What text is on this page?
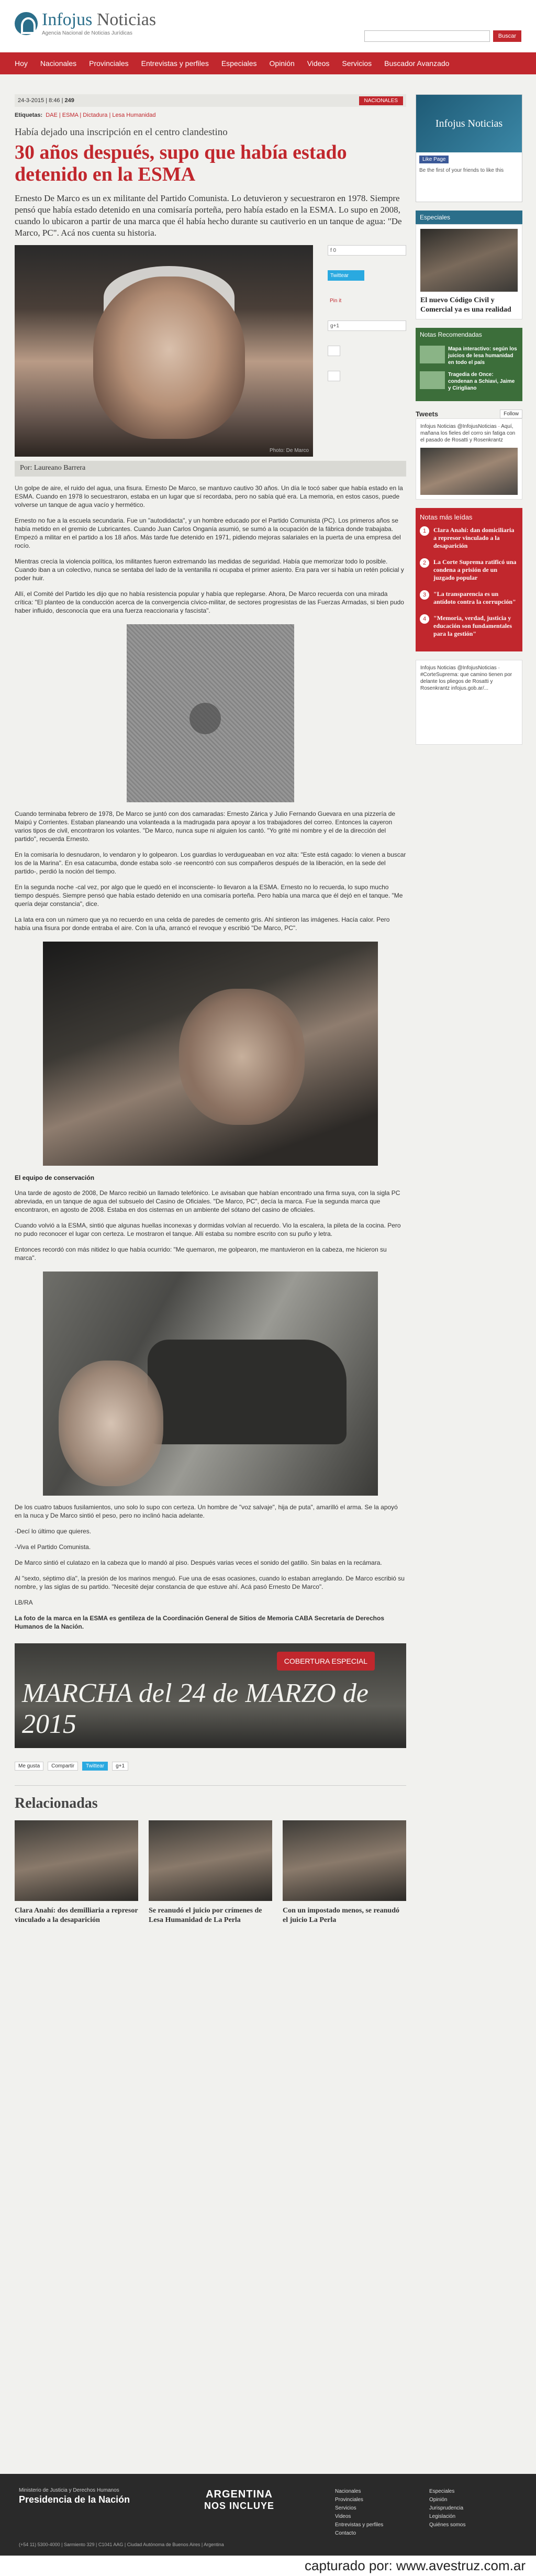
Infojus Noticias
Agencia Nacional de Noticias Jurídicas	Buscar
Hoy Nacionales Provinciales Entrevistas y perfiles Especiales Opinión Videos Servicios Buscador Avanzado
24-3-2015 | 8:46 | 249	NACIONALES
Etiquetas: DAE | ESMA | Dictadura | Lesa Humanidad
Había dejado una inscripción en el centro clandestino
30 años después, supo que había estado detenido en la ESMA

Ernesto De Marco es un ex militante del Partido Comunista. Lo detuvieron y secuestraron en 1978. Siempre pensó que había estado detenido en una comisaría porteña, pero había estado en la ESMA. Lo supo en 2008, cuando lo ubicaron a partir de una marca que él había hecho durante su cautiverio en un tanque de agua: "De Marco, PC". Acá nos cuenta su historia.

Photo: De Marco
f 0
Twittear
Pin it
g+1
Por: Laureano Barrera

Un golpe de aire, el ruido del agua, una fisura. Ernesto De Marco, se mantuvo cautivo 30 años. Un día le tocó saber que había estado en la ESMA. Cuando en 1978 lo secuestraron, estaba en un lugar que sí recordaba, pero no sabía qué era. La memoria, en estos casos, puede volverse un tanque de agua vacío y hermético.

Ernesto no fue a la escuela secundaria. Fue un "autodidacta", y un hombre educado por el Partido Comunista (PC). Los primeros años se había metido en el gremio de Lubricantes. Cuando Juan Carlos Onganía asumió, se sumó a la ocupación de la fábrica donde trabajaba. Empezó a militar en el partido a los 18 años. Más tarde fue detenido en 1971, pidiendo mejoras salariales en la puerta de una empresa del rocío.

Mientras crecía la violencia política, los militantes fueron extremando las medidas de seguridad. Había que memorizar todo lo posible. Cuando iban a un colectivo, nunca se sentaba del lado de la ventanilla ni ocupaba el primer asiento. Era para ver si había un retén policial y poder huir.

Allí, el Comité del Partido les dijo que no había resistencia popular y había que replegarse. Ahora, De Marco recuerda con una mirada crítica: "El planteo de la conducción acerca de la convergencia cívico-militar, de sectores progresistas de las Fuerzas Armadas, si bien pudo haber influido, desconocía que era una fuerza reaccionaria y fascista".

Cuando terminaba febrero de 1978, De Marco se juntó con dos camaradas: Ernesto Zárica y Julio Fernando Guevara en una pizzería de Maipú y Corrientes. Estaban planeando una volanteada a la madrugada para apoyar a los trabajadores del correo. Entonces la cayeron varios tipos de civil, encontraron los volantes. "De Marco, nunca supe ni alguien los cantó. "Yo grité mi nombre y el de la dirección del partido", recuerda Ernesto.

En la comisaría lo desnudaron, lo vendaron y lo golpearon. Los guardias lo verdugueaban en voz alta: "Este está cagado: lo vienen a buscar los de la Marina". En esa catacumba, donde estaba solo -se reencontró con sus compañeros después de la liberación, en la sede del partido-, perdió la noción del tiempo.

En la segunda noche -cal vez, por algo que le quedó en el inconsciente- lo llevaron a la ESMA. Ernesto no lo recuerda, lo supo mucho tiempo después. Siempre pensó que había estado detenido en una comisaría porteña. Pero había una marca que él dejó en el tanque. "Me quería dejar constancia", dice.

La lata era con un número que ya no recuerdo en una celda de paredes de cemento gris. Ahí sintieron las imágenes. Hacía calor. Pero había una fisura por donde entraba el aire. Con la uña, arrancó el revoque y escribió "De Marco, PC".

El equipo de conservación

Una tarde de agosto de 2008, De Marco recibió un llamado telefónico. Le avisaban que habían encontrado una firma suya, con la sigla PC abreviada, en un tanque de agua del subsuelo del Casino de Oficiales. "De Marco, PC", decía la marca. Fue la segunda marca que encontraron, en agosto de 2008. Estaba en dos cisternas en un ambiente del sótano del casino de oficiales.

Cuando volvió a la ESMA, sintió que algunas huellas inconexas y dormidas volvían al recuerdo. Vio la escalera, la pileta de la cocina. Pero no pudo reconocer el lugar con certeza. Le mostraron el tanque. Allí estaba su nombre escrito con su puño y letra.

Entonces recordó con más nitidez lo que había ocurrido: "Me quemaron, me golpearon, me mantuvieron en la cabeza, me hicieron su marca".

De los cuatro tabuos fusilamientos, uno solo lo supo con certeza. Un hombre de "voz salvaje", hija de puta", amarilló el arma. Se la apoyó en la nuca y De Marco sintió el peso, pero no inclinó hacia adelante.

-Decí lo último que quieres.

-Viva el Partido Comunista.

De Marco sintió el culatazo en la cabeza que lo mandó al piso. Después varias veces el sonido del gatillo. Sin balas en la recámara.

Al "sexto, séptimo día", la presión de los marinos menguó. Fue una de esas ocasiones, cuando lo estaban arreglando. De Marco escribió su nombre, y las siglas de su partido. "Necesité dejar constancia de que estuve ahí. Acá pasó Ernesto De Marco".

LB/RA

La foto de la marca en la ESMA es gentileza de la Coordinación General de Sitios de Memoria CABA Secretaría de Derechos Humanos de la Nación.

COBERTURA ESPECIAL
MARCHA del 24 de MARZO de 2015
Me gusta	Compartir	Twittear	g+1
Relacionadas
Clara Anahí: dos demilliaria a represor vinculado a la desaparición
Se reanudó el juicio por crímenes de Lesa Humanidad de La Perla
Con un impostado menos, se reanudó el juicio La Perla
Infojus Noticias
Like Page
Be the first of your friends to like this
Especiales
El nuevo Código Civil y Comercial ya es una realidad
Notas Recomendadas
Mapa interactivo: según los juicios de lesa humanidad en todo el país
Tragedia de Once: condenan a Schiavi, Jaime y Cirigliano
Tweets	Follow
Infojus Noticias @InfojusNoticias · Aquí, mañana los fieles del corro sin fatiga con el pasado de Rosatti y Rosenkrantz
Notas más leídas
1	Clara Anahí: dan domiciliaria a represor vinculado a la desaparición
2	La Corte Suprema ratificó una condena a prisión de un juzgado popular
3	"La transparencia es un antídoto contra la corrupción"
4	"Memoria, verdad, justicia y educación son fundamentales para la gestión"
Infojus Noticias @InfojusNoticias · #CorteSuprema: que camino tienen por delante los pliegos de Rosatti y Rosenkrantz infojus.gob.ar/...
Ministerio de Justicia y Derechos Humanos
Presidencia de la Nación	ARGENTINA
NOS INCLUYE
Nacionales
Provinciales
Servicios
Videos
Entrevistas y perfiles
Contacto
Especiales
Opinión
Jurisprudencia
Legislación
Quiénes somos
(+54 11) 5300-4000 | Sarmiento 329 | C1041 AAG | Ciudad Autónoma de Buenos Aires | Argentina
capturado por: www.avestruz.com.ar
